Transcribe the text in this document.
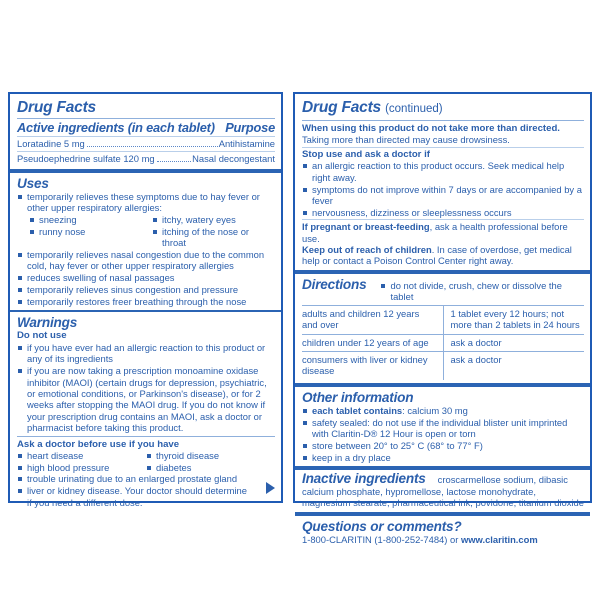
Drug Facts
Active ingredients (in each tablet) Purpose
Loratadine 5 mg	Antihistamine
Pseudoephedrine sulfate 120 mg	Nasal decongestant
Uses
temporarily relieves these symptoms due to hay fever or other upper respiratory allergies:
sneezing	itchy, watery eyes
runny nose	itching of the nose or throat
temporarily relieves nasal congestion due to the common cold, hay fever or other upper respiratory allergies
reduces swelling of nasal passages
temporarily relieves sinus congestion and pressure
temporarily restores freer breathing through the nose
Warnings
Do not use
if you have ever had an allergic reaction to this product or any of its ingredients
if you are now taking a prescription monoamine oxidase inhibitor (MAOI) (certain drugs for depression, psychiatric, or emotional conditions, or Parkinson's disease), or for 2 weeks after stopping the MAOI drug. If you do not know if your prescription drug contains an MAOI, ask a doctor or pharmacist before taking this product.
Ask a doctor before use if you have
heart disease	thyroid disease
high blood pressure	diabetes
trouble urinating due to an enlarged prostate gland
liver or kidney disease. Your doctor should determine if you need a different dose.
Drug Facts (continued)
When using this product do not take more than directed.
Taking more than directed may cause drowsiness.
Stop use and ask a doctor if
an allergic reaction to this product occurs. Seek medical help right away.
symptoms do not improve within 7 days or are accompanied by a fever
nervousness, dizziness or sleeplessness occurs
If pregnant or breast-feeding, ask a health professional before use.
Keep out of reach of children. In case of overdose, get medical help or contact a Poison Control Center right away.
Directions	do not divide, crush, chew or dissolve the tablet
adults and children 12 years and over	1 tablet every 12 hours; not more than 2 tablets in 24 hours
children under 12 years of age	ask a doctor
consumers with liver or kidney disease	ask a doctor
Other information
each tablet contains: calcium 30 mg
safety sealed: do not use if the individual blister unit imprinted with Claritin-D® 12 Hour is open or torn
store between 20° to 25° C (68° to 77° F)
keep in a dry place
Inactive ingredients croscarmellose sodium, dibasic calcium phosphate, hypromellose, lactose monohydrate, magnesium stearate, pharmaceutical ink, povidone, titanium dioxide
Questions or comments?
1-800-CLARITIN (1-800-252-7484) or www.claritin.com
